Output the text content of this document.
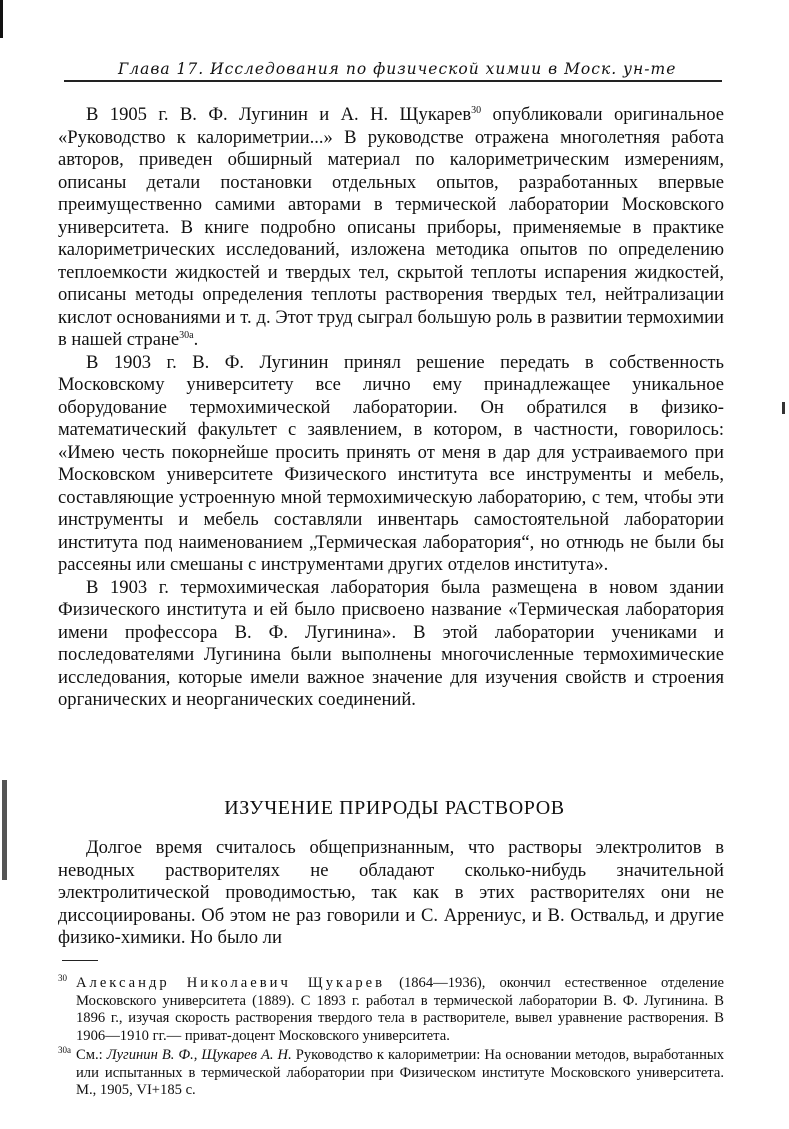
Глава 17. Исследования по физической химии в Моск. ун-те

В 1905 г. В. Ф. Лугинин и А. Н. Щукарев$^{30}$ опубликовали оригинальное «Руководство к калориметрии...» В руководстве отражена многолетняя работа авторов, приведен обширный материал по калориметрическим измерениям, описаны детали постановки отдельных опытов, разработанных впервые преимущественно самими авторами в термической лаборатории Московского университета. В книге подробно описаны приборы, применяемые в практике калориметрических исследований, изложена методика опытов по определению теплоемкости жидкостей и твердых тел, скрытой теплоты испарения жидкостей, описаны методы определения теплоты растворения твердых тел, нейтрализации кислот основаниями и т. д. Этот труд сыграл большую роль в развитии термохимии в нашей стране$^{30а}$.

В 1903 г. В. Ф. Лугинин принял решение передать в собственность Московскому университету все лично ему принадлежащее уникальное оборудование термохимической лаборатории. Он обратился в физико-математический факультет с заявлением, в котором, в частности, говорилось: «Имею честь покорнейше просить принять от меня в дар для устраиваемого при Московском университете Физического института все инструменты и мебель, составляющие устроенную мной термохимическую лабораторию, с тем, чтобы эти инструменты и мебель составляли инвентарь самостоятельной лаборатории института под наименованием „Термическая лаборатория“, но отнюдь не были бы рассеяны или смешаны с инструментами других отделов института».

В 1903 г. термохимическая лаборатория была размещена в новом здании Физического института и ей было присвоено название «Термическая лаборатория имени профессора В. Ф. Лугинина». В этой лаборатории учениками и последователями Лугинина были выполнены многочисленные термохимические исследования, которые имели важное значение для изучения свойств и строения органических и неорганических соединений.

ИЗУЧЕНИЕ ПРИРОДЫ РАСТВОРОВ

Долгое время считалось общепризнанным, что растворы электролитов в неводных растворителях не обладают сколько-нибудь значительной электролитической проводимостью, так как в этих растворителях они не диссоциированы. Об этом не раз говорили и С. Аррениус, и В. Оствальд, и другие физико-химики. Но было ли

30 Александр Николаевич Щукарев (1864—1936), окончил естественное отделение Московского университета (1889). С 1893 г. работал в термической лаборатории В. Ф. Лугинина. В 1896 г., изучая скорость растворения твердого тела в растворителе, вывел уравнение растворения. В 1906—1910 гг.— приват-доцент Московского университета.

30а См.: Лугинин В. Ф., Щукарев А. Н. Руководство к калориметрии: На основании методов, выработанных или испытанных в термической лаборатории при Физическом институте Московского университета. М., 1905, VI+185 с.
